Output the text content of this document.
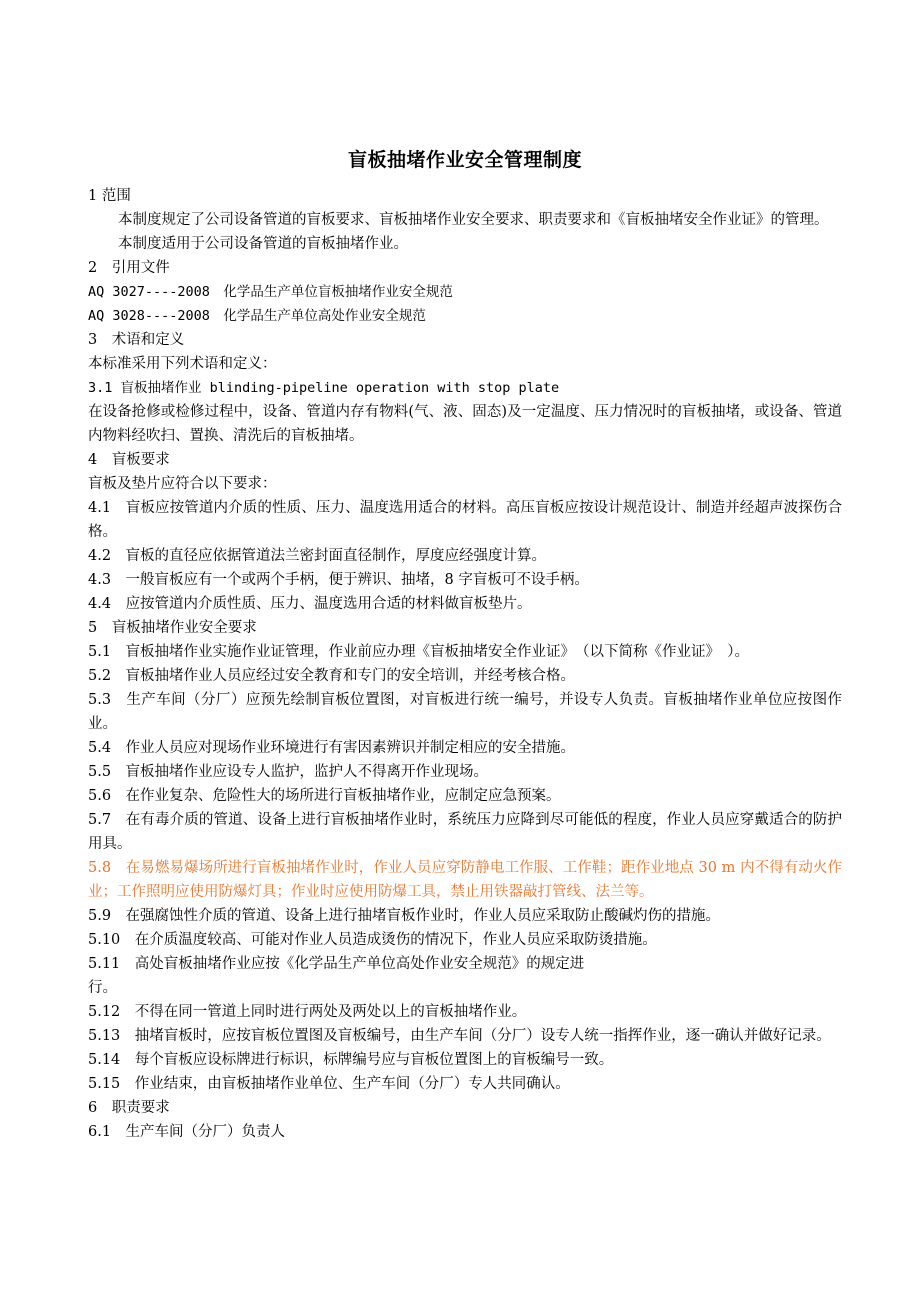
盲板抽堵作业安全管理制度

1 范围

本制度规定了公司设备管道的盲板要求、盲板抽堵作业安全要求、职责要求和《盲板抽堵安全作业证》的管理。

本制度适用于公司设备管道的盲板抽堵作业。

2　引用文件

AQ 3027----2008　化学品生产单位盲板抽堵作业安全规范

AQ 3028----2008　化学品生产单位高处作业安全规范

3　术语和定义

本标准采用下列术语和定义：

3.1 盲板抽堵作业 blinding-pipeline operation with stop plate

在设备抢修或检修过程中，设备、管道内存有物料(气、液、固态)及一定温度、压力情况时的盲板抽堵，或设备、管道内物料经吹扫、置换、清洗后的盲板抽堵。

4　盲板要求

盲板及垫片应符合以下要求：

4.1　盲板应按管道内介质的性质、压力、温度选用适合的材料。高压盲板应按设计规范设计、制造并经超声波探伤合格。

4.2　盲板的直径应依据管道法兰密封面直径制作，厚度应经强度计算。

4.3　一般盲板应有一个或两个手柄，便于辨识、抽堵，8 字盲板可不设手柄。

4.4　应按管道内介质性质、压力、温度选用合适的材料做盲板垫片。

5　盲板抽堵作业安全要求

5.1　盲板抽堵作业实施作业证管理，作业前应办理《盲板抽堵安全作业证》　（以下简称《作业证》　）。

5.2　盲板抽堵作业人员应经过安全教育和专门的安全培训，并经考核合格。

5.3　生产车间（分厂）应预先绘制盲板位置图，对盲板进行统一编号，并设专人负责。盲板抽堵作业单位应按图作业。

5.4　作业人员应对现场作业环境进行有害因素辨识并制定相应的安全措施。

5.5　盲板抽堵作业应设专人监护，监护人不得离开作业现场。

5.6　在作业复杂、危险性大的场所进行盲板抽堵作业，应制定应急预案。

5.7　在有毒介质的管道、设备上进行盲板抽堵作业时，系统压力应降到尽可能低的程度，作业人员应穿戴适合的防护用具。

5.8　在易燃易爆场所进行盲板抽堵作业时，作业人员应穿防静电工作服、工作鞋；距作业地点 30 m 内不得有动火作业；工作照明应使用防爆灯具；作业时应使用防爆工具，禁止用铁器敲打管线、法兰等。

5.9　在强腐蚀性介质的管道、设备上进行抽堵盲板作业时，作业人员应采取防止酸碱灼伤的措施。

5.10　在介质温度较高、可能对作业人员造成烫伤的情况下，作业人员应采取防烫措施。

5.11　高处盲板抽堵作业应按《化学品生产单位高处作业安全规范》的规定进

行。

5.12　不得在同一管道上同时进行两处及两处以上的盲板抽堵作业。

5.13　抽堵盲板时，应按盲板位置图及盲板编号，由生产车间（分厂）设专人统一指挥作业，逐一确认并做好记录。

5.14　每个盲板应设标牌进行标识，标牌编号应与盲板位置图上的盲板编号一致。

5.15　作业结束，由盲板抽堵作业单位、生产车间（分厂）专人共同确认。

6　职责要求

6.1　生产车间（分厂）负责人
